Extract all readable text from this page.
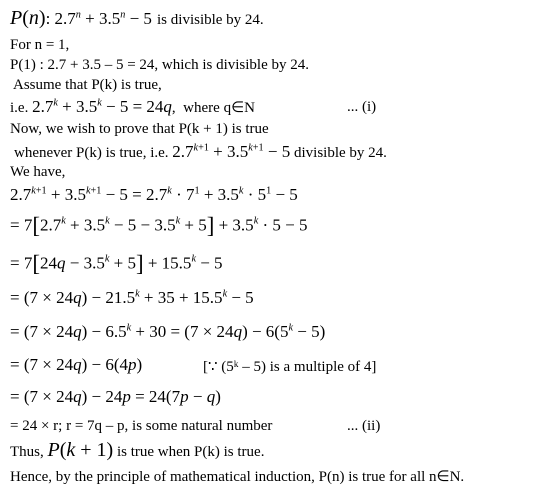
P(n): $2.7^n + 3.5^n - 5$ is divisible by 24.
For n = 1,
P(1) : 2.7 + 3.5 – 5 = 24, which is divisible by 24.
Assume that P(k) is true,
i.e. $2.7^k + 3.5^k - 5 = 24q$,  where q∈N	... (i)
Now, we wish to prove that P(k + 1) is true
whenever P(k) is true, i.e. $2.7^{k+1} + 3.5^{k+1} - 5$ divisible by 24.
We have,
$2.7^{k+1} + 3.5^{k+1} - 5 = 2.7^k \cdot 7^1 + 3.5^k \cdot 5^1 - 5$
= $7[2.7^k + 3.5^k - 5 - 3.5^k + 5] + 3.5^k \cdot 5 - 5$
= $7[24q - 3.5^k + 5] + 15.5^k - 5$
= $(7 \times 24q) - 21.5^k + 35 + 15.5^k - 5$
= $(7 \times 24q) - 6.5^k + 30 = (7 \times 24q) - 6(5^k - 5)$
= (7 × 24q) − 6(4p)	[∵ (5ᵏ – 5) is a multiple of 4]
= (7 × 24q) − 24p = 24(7p − q)
= 24 × r; r = 7q – p, is some natural number	... (ii)
Thus, P(k + 1) is true when P(k) is true.
Hence, by the principle of mathematical induction, P(n) is true for all n∈N.
